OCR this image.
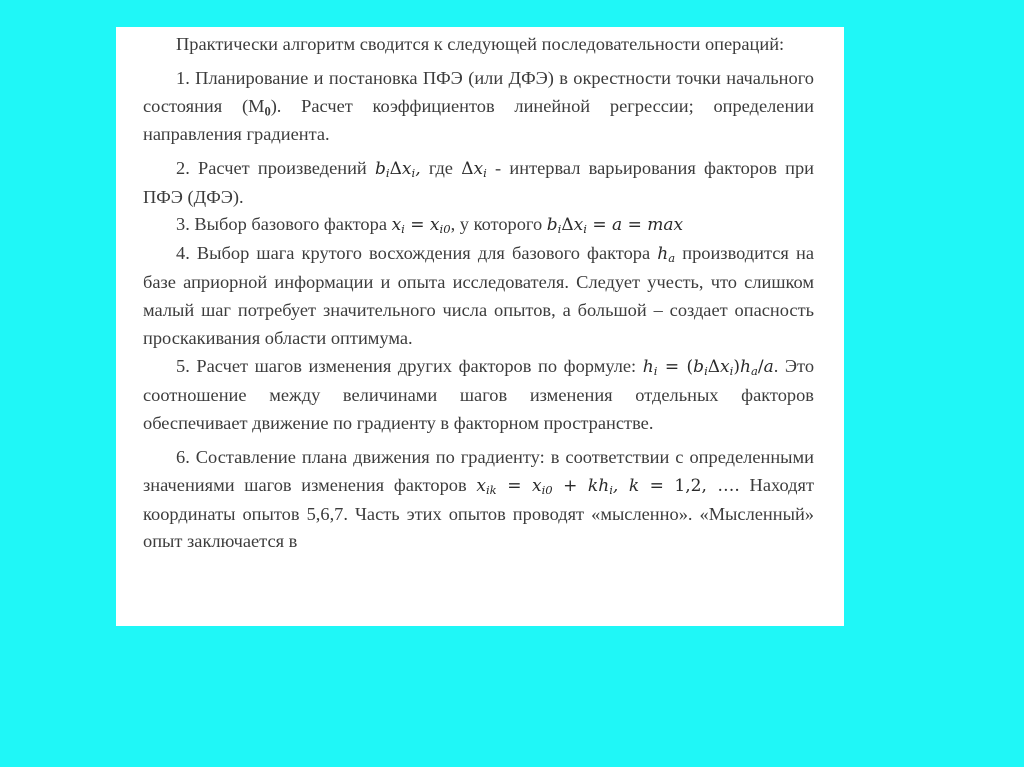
Практически алгоритм сводится к следующей последовательности операций:

1. Планирование и постановка ПФЭ (или ДФЭ) в окрестности точки начального состояния $(M_0)$. Расчет коэффициентов линейной регрессии; определении направления градиента.

2. Расчет произведений $b_i\Delta x_i$, где $\Delta x_i$ - интервал варьирования факторов при ПФЭ (ДФЭ).

3. Выбор базового фактора $x_i = x_{i0}$, у которого $b_i\Delta x_i = a = \max$

4. Выбор шага крутого восхождения для базового фактора $h_a$ производится на базе априорной информации и опыта исследователя. Следует учесть, что слишком малый шаг потребует значительного числа опытов, а большой – создает опасность проскакивания области оптимума.

5. Расчет шагов изменения других факторов по формуле: $h_i = (b_i\Delta x_i)h_a/a$. Это соотношение между величинами шагов изменения отдельных факторов обеспечивает движение по градиенту в факторном пространстве.

6. Составление плана движения по градиенту: в соответствии с определенными значениями шагов изменения факторов $x_{ik} = x_{i0} + kh_i$, k = 1,2, …. Находят координаты опытов 5,6,7. Часть этих опытов проводят «мысленно». «Мысленный» опыт заключается в
